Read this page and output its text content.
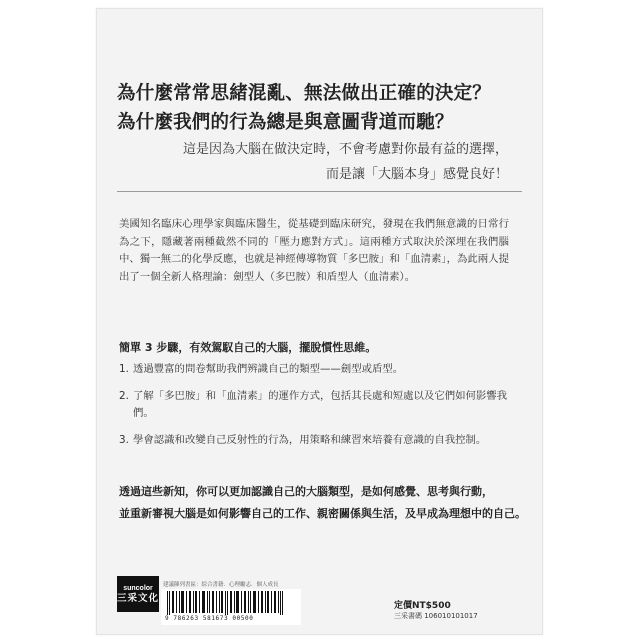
為什麼常常思緒混亂、無法做出正確的決定？
為什麼我們的行為總是與意圖背道而馳？
這是因為大腦在做決定時，不會考慮對你最有益的選擇，
而是讓「大腦本身」感覺良好！
美國知名臨床心理學家與臨床醫生，從基礎到臨床研究，發現在我們無意識的日常行為之下，隱藏著兩種截然不同的「壓力應對方式」。這兩種方式取決於深埋在我們腦中、獨一無二的化學反應，也就是神經傳導物質「多巴胺」和「血清素」，為此兩人提出了一個全新人格理論：劍型人（多巴胺）和盾型人（血清素）。
簡單 3 步驟，有效駕馭自己的大腦，擺脫慣性思維。
1. 透過豐富的問卷幫助我們辨識自己的類型——劍型或盾型。
2. 了解「多巴胺」和「血清素」的運作方式，包括其長處和短處以及它們如何影響我們。
3. 學會認識和改變自己反射性的行為，用策略和練習來培養有意識的自我控制。
透過這些新知，你可以更加認識自己的大腦類型，是如何感覺、思考與行動，
並重新審視大腦是如何影響自己的工作、親密關係與生活，及早成為理想中的自己。
suncolor
三采文化
建議陳列書區：綜合書籍．心理勵志．個人成長
9 786263 581673 00500
定價NT$500
三采書碼 106010101017
